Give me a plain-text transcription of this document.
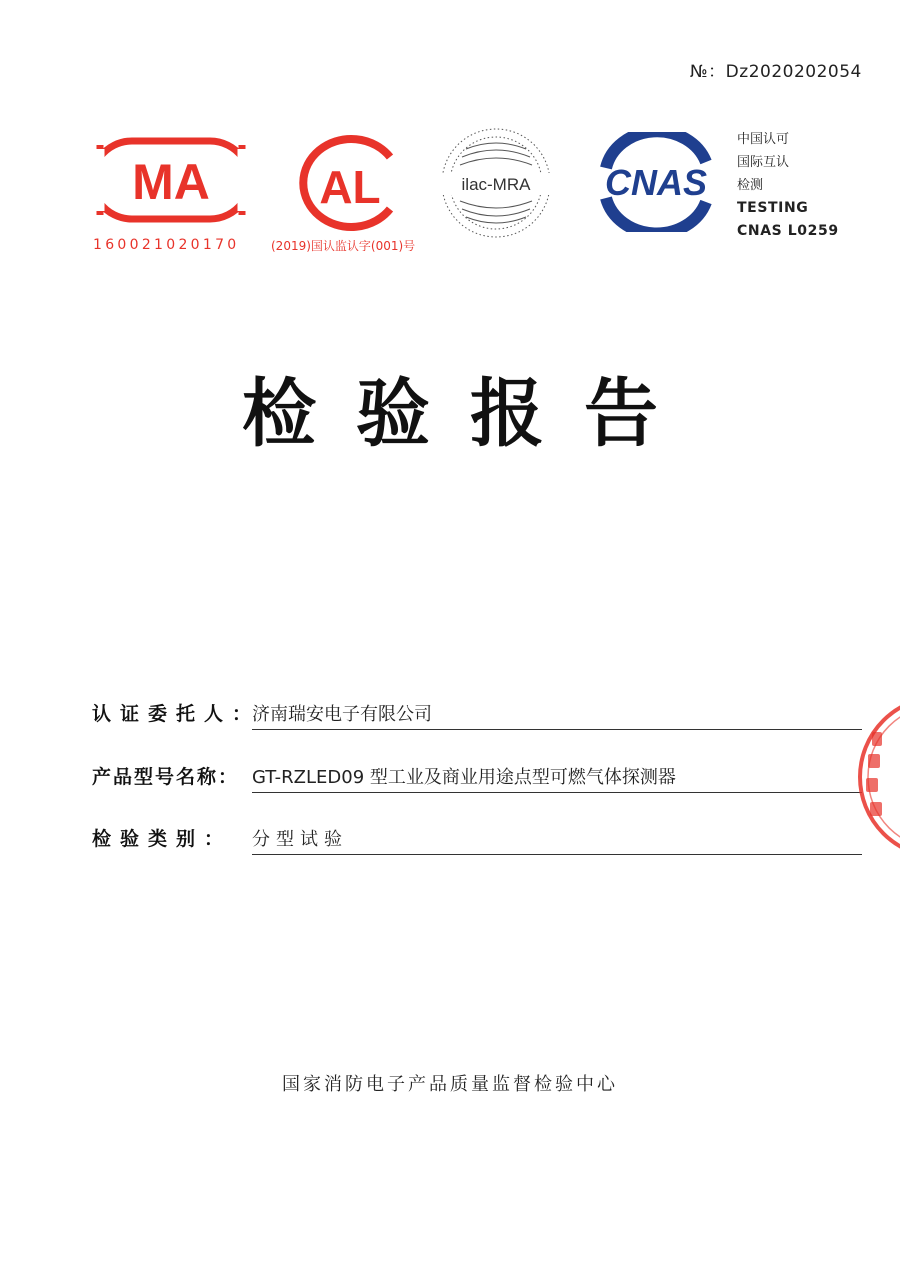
№：Dz2020202054
MA
160021020170
AL
(2019)国认监认字(001)号
ilac-MRA CNAS
中国认可
国际互认
检测
TESTING
CNAS L0259
检验报告
认证委托人：
济南瑞安电子有限公司
产品型号名称： GT-RZLED09 型工业及商业用途点型可燃气体探测器
检验类别： 分型试验
国家消防电子产品质量监督检验中心
